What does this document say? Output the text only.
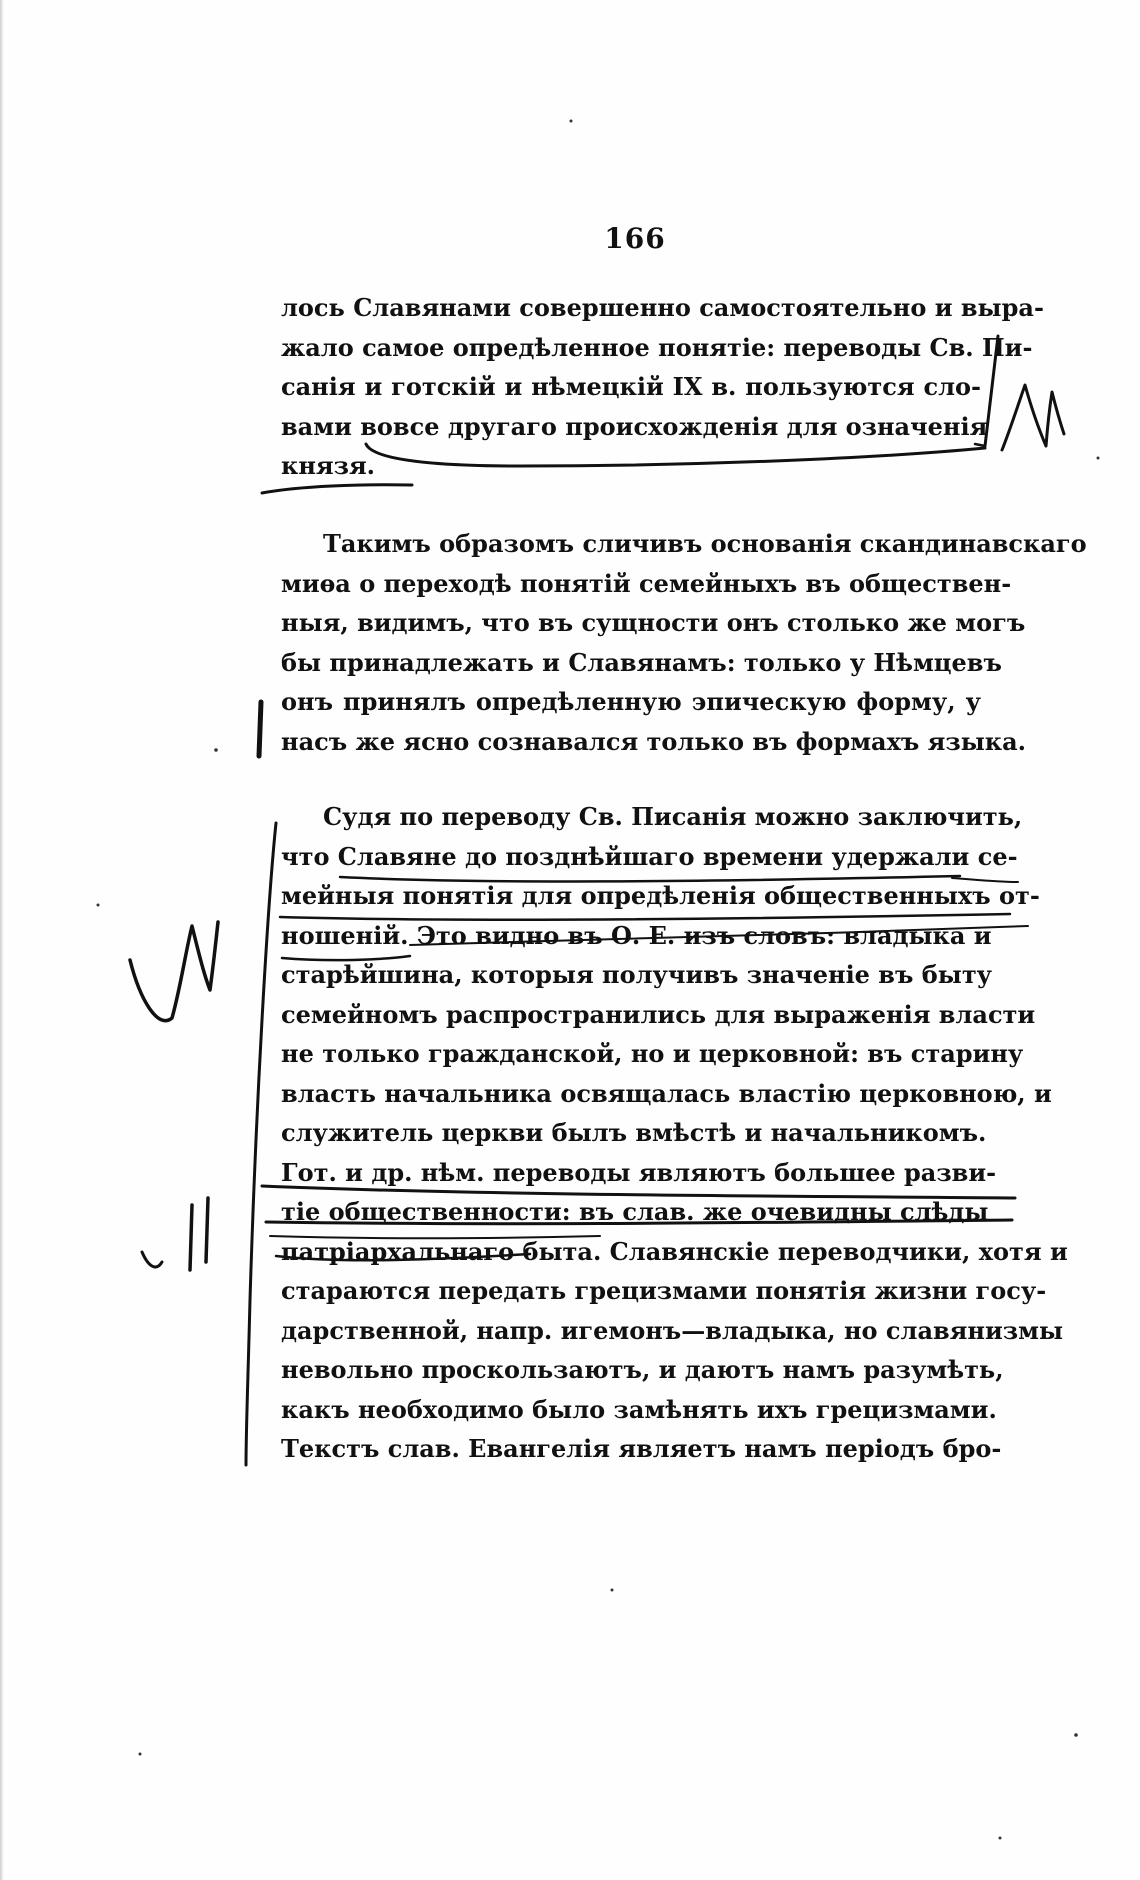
166
лось Славянами совершенно самостоятельно и выра-
жало самое опредѣленное понятіе: переводы Св. Пи-
санія и готскій и нѣмецкій IX в. пользуются сло-
вами вовсе другаго происхожденія для означенія
князя.
Такимъ образомъ сличивъ основанія скандинавскаго
миѳа о переходѣ понятій семейныхъ въ обществен-
ныя, видимъ, что въ сущности онъ столько же могъ
бы принадлежать и Славянамъ: только у Нѣмцевъ
онъ принялъ опредѣленную эпическую форму, у
насъ же ясно сознавался только въ формахъ языка.
Судя по переводу Св. Писанія можно заключить,
что Славяне до позднѣйшаго времени удержали се-
мейныя понятія для опредѣленія общественныхъ от-
ношеній. Это видно въ О. Е. изъ словъ: владыка и
старѣйшина, которыя получивъ значеніе въ быту
семейномъ распространились для выраженія власти
не только гражданской, но и церковной: въ старину
власть начальника освящалась властію церковною, и
служитель церкви былъ вмѣстѣ и начальникомъ.
Гот. и др. нѣм. переводы являютъ большее разви-
тіе общественности: въ слав. же очевидны слѣды
патріархальнаго быта. Славянскіе переводчики, хотя и
стараются передать грецизмами понятія жизни госу-
дарственной, напр. игемонъ—владыка, но славянизмы
невольно проскользаютъ, и даютъ намъ разумѣть,
какъ необходимо было замѣнять ихъ грецизмами.
Текстъ слав. Евангелія являетъ намъ періодъ бро-
